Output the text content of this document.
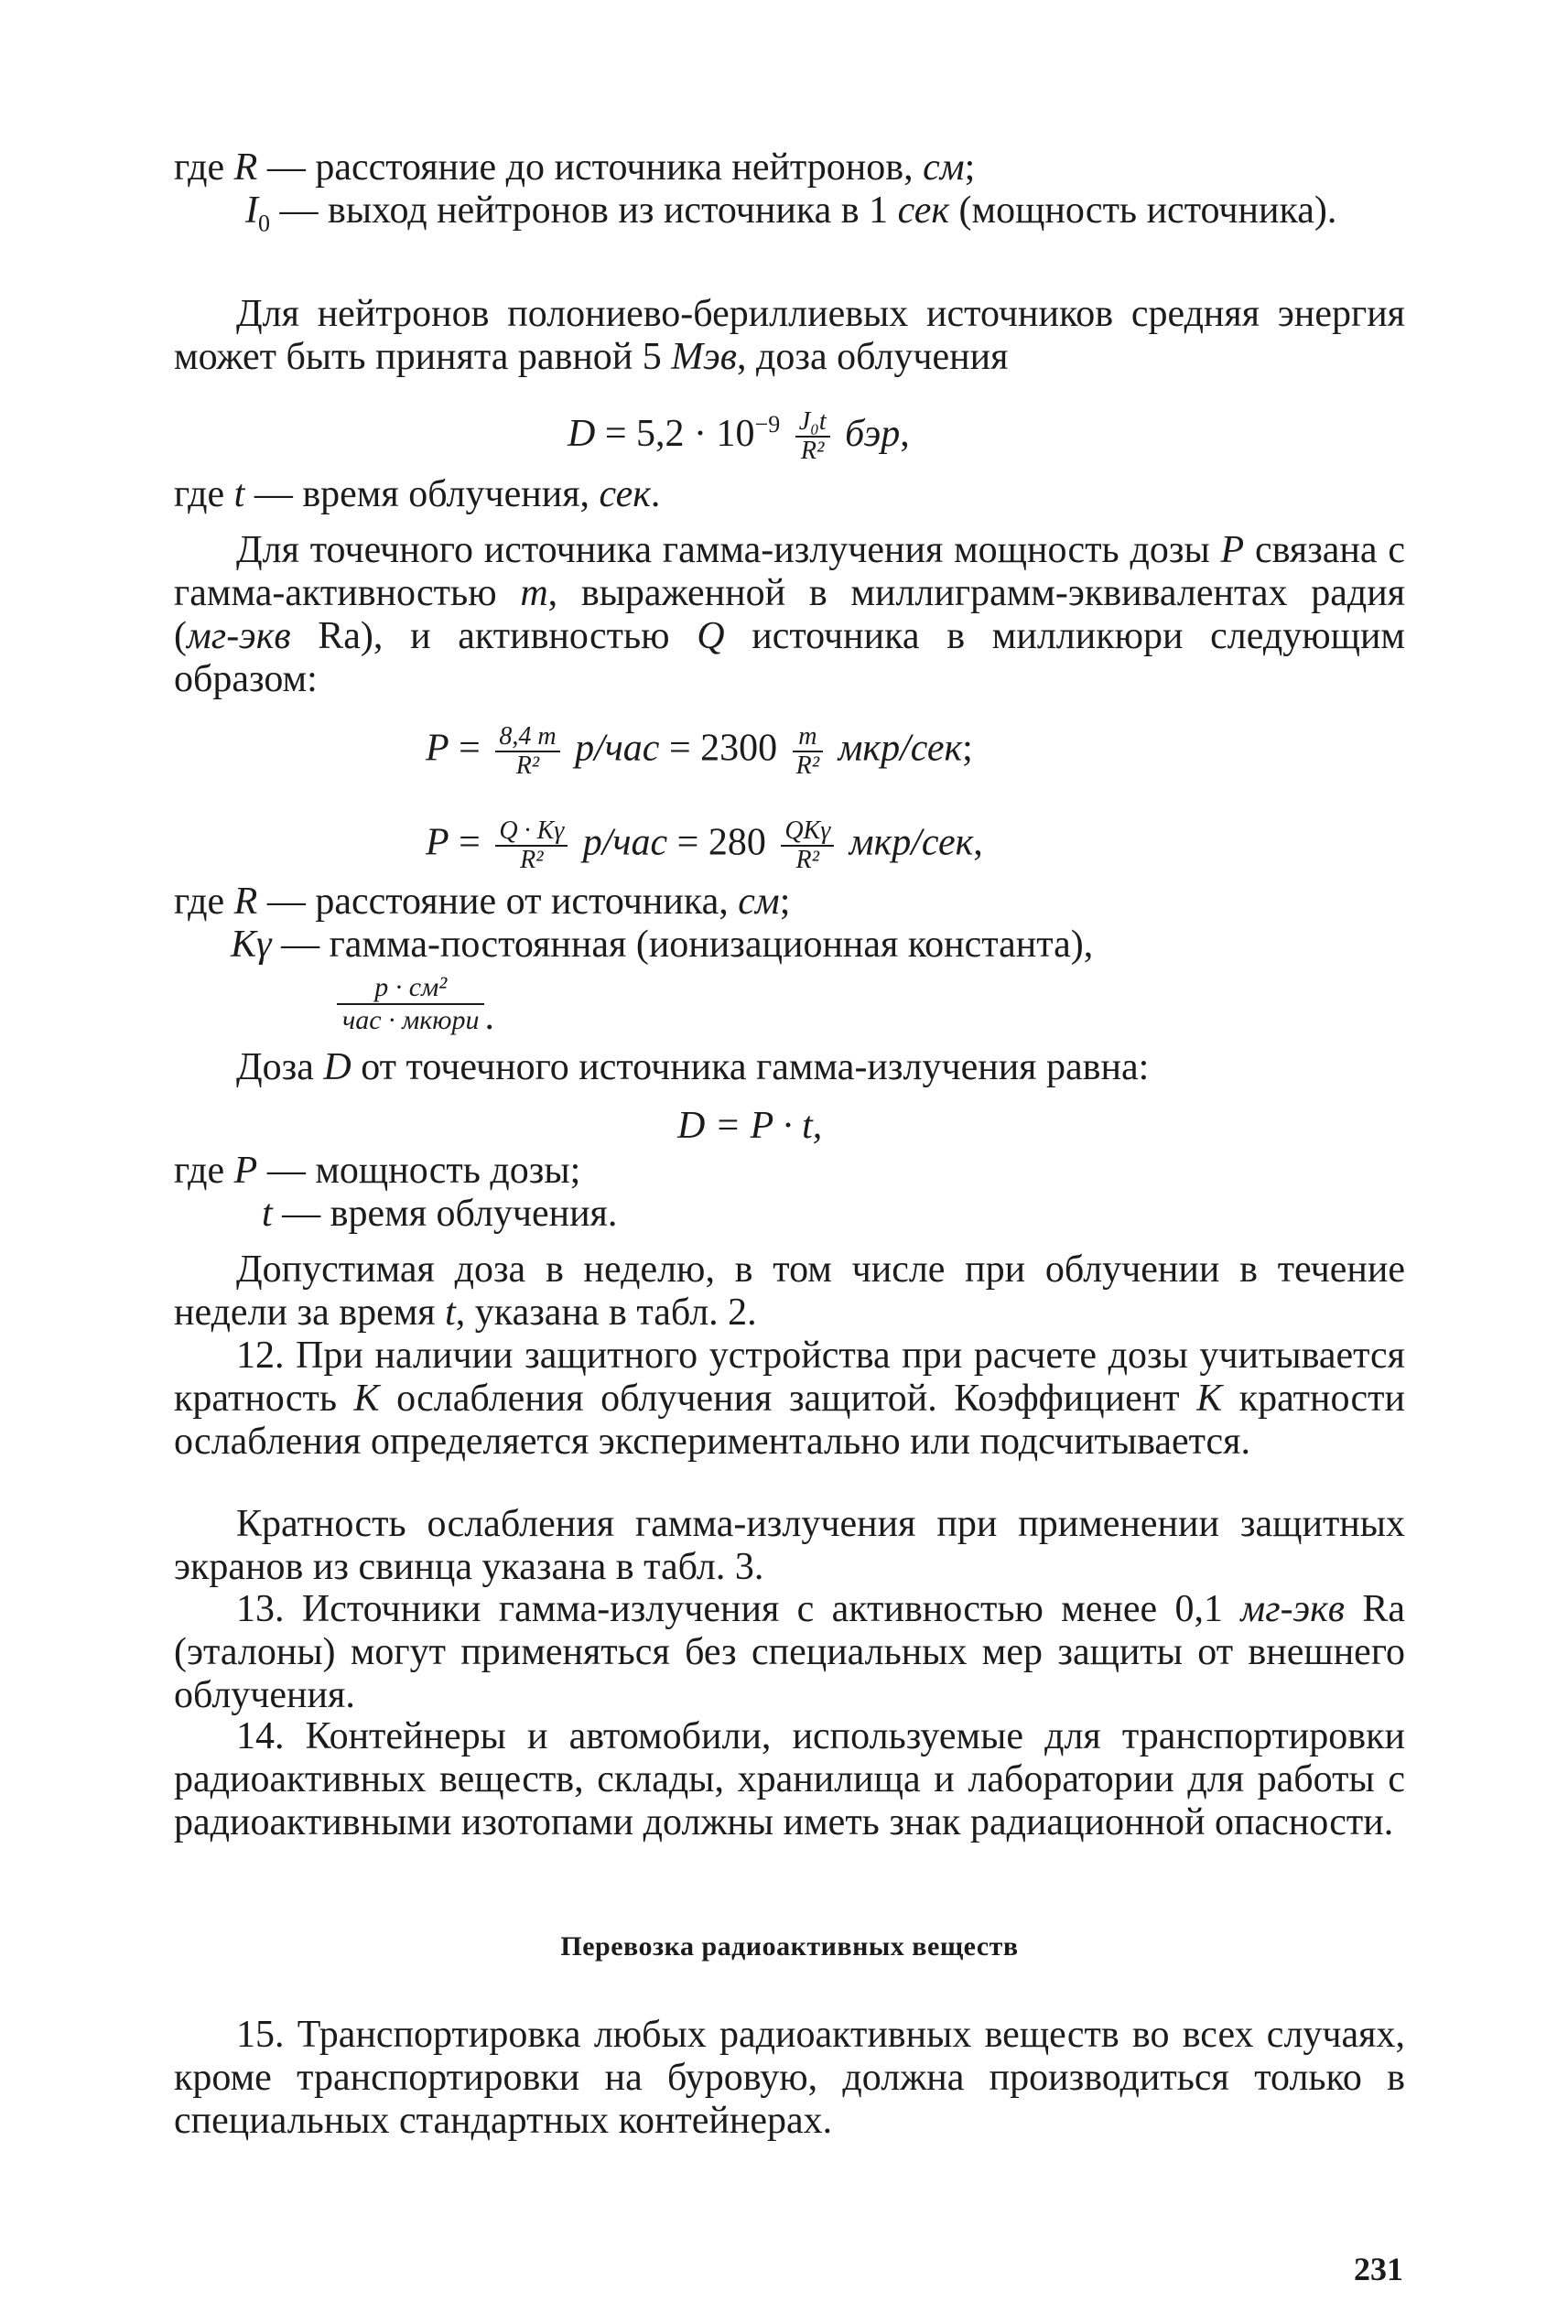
где R — расстояние до источника нейтронов, см;
$I_0$ — выход нейтронов из источника в 1 сек (мощность источника).

Для нейтронов полониево-бериллиевых источников средняя энергия может быть принята равной 5 Мэв, доза облучения

$D = 5,2 \cdot 10^{-9} \frac{\text{J₀t}}{\text{R²}}$ бэр,
где t — время облучения, сек.

Для точечного источника гамма-излучения мощность дозы P связана с гамма-активностью m, выраженной в миллиграмм-эквивалентах радия (мг-экв Ra), и активностью Q источника в милликюри следующим образом:

$P = \frac{8,4 m}{\text{R²}} р/час = 2300 \frac{m}{\text{R²}} мкр/сек$;
$P = \frac{Q \cdot K\gamma}{\text{R²}} р/час = 280 \frac{\text{QKγ}}{\text{R²}} мкр/сек$,
где R — расстояние от источника, см;
Kγ — гамма-постоянная (ионизационная константа),
$\frac{\text{р · см²}}{\text{час · мкюри}}$ .

Доза D от точечного источника гамма-излучения равна:

D = P · t,
где P — мощность дозы;
t — время облучения.

Допустимая доза в неделю, в том числе при облучении в течение недели за время t, указана в табл. 2.

12. При наличии защитного устройства при расчете дозы учитывается кратность K ослабления облучения защитой. Коэффициент K кратности ослабления определяется экспериментально или подсчитывается.

Кратность ослабления гамма-излучения при применении защитных экранов из свинца указана в табл. 3.

13. Источники гамма-излучения с активностью менее 0,1 мг-экв Ra (эталоны) могут применяться без специальных мер защиты от внешнего облучения.

14. Контейнеры и автомобили, используемые для транспортировки радиоактивных веществ, склады, хранилища и лаборатории для работы с радиоактивными изотопами должны иметь знак радиационной опасности.

Перевозка радиоактивных веществ

15. Транспортировка любых радиоактивных веществ во всех случаях, кроме транспортировки на буровую, должна производиться только в специальных стандартных контейнерах.

231
